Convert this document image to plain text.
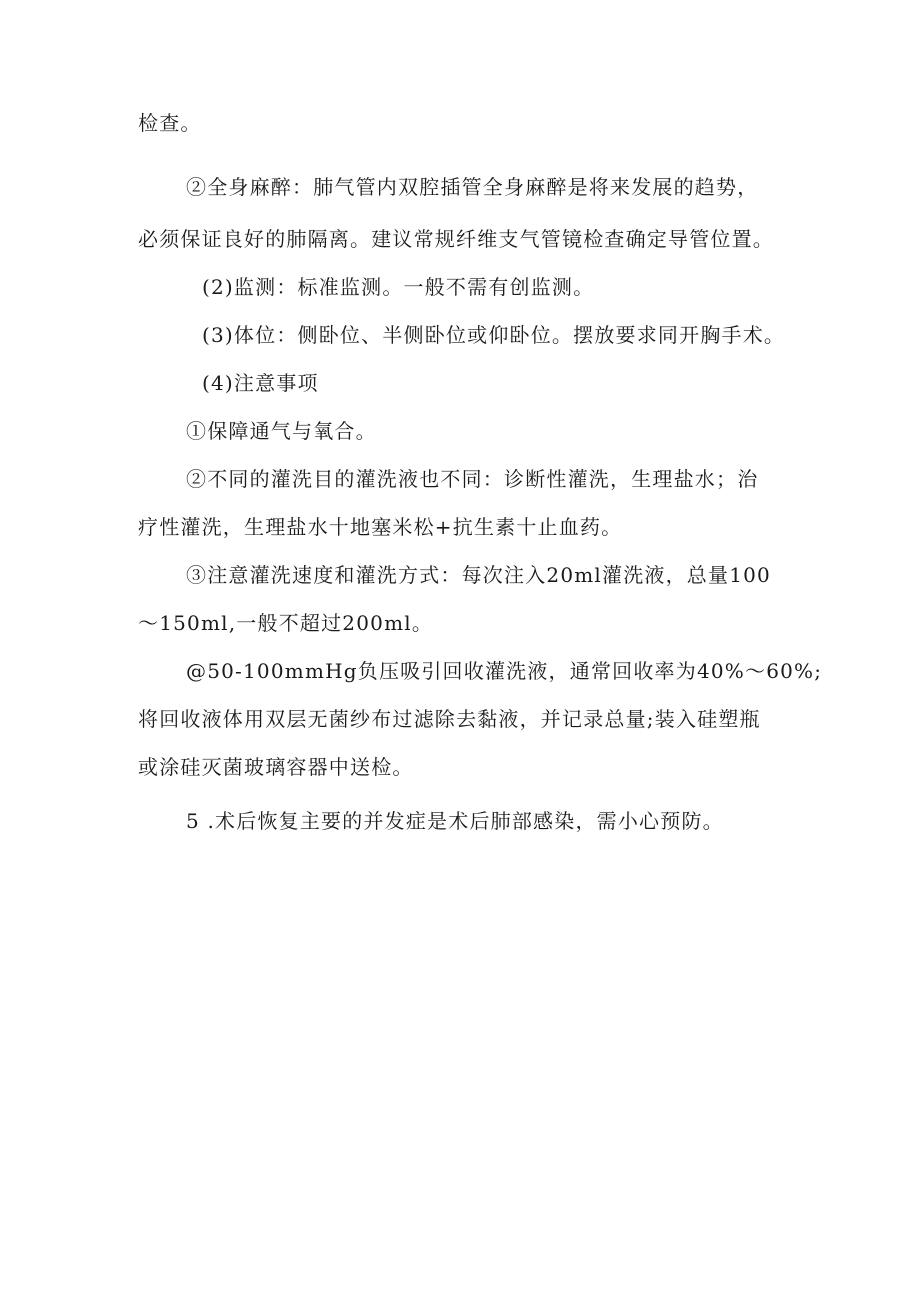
检查。
②全身麻醉：肺气管内双腔插管全身麻醉是将来发展的趋势，
必须保证良好的肺隔离。建议常规纤维支气管镜检查确定导管位置。
(2)监测：标准监测。一般不需有创监测。
(3)体位：侧卧位、半侧卧位或仰卧位。摆放要求同开胸手术。
(4)注意事项
①保障通气与氧合。
②不同的灌洗目的灌洗液也不同：诊断性灌洗，生理盐水；治
疗性灌洗，生理盐水十地塞米松+抗生素十止血药。
③注意灌洗速度和灌洗方式：每次注入20ml灌洗液，总量100
～150ml,一般不超过200ml。
@50-100mmHg负压吸引回收灌洗液，通常回收率为40%～60%;
将回收液体用双层无菌纱布过滤除去黏液，并记录总量;装入硅塑瓶
或涂硅灭菌玻璃容器中送检。
5 .术后恢复主要的并发症是术后肺部感染，需小心预防。
